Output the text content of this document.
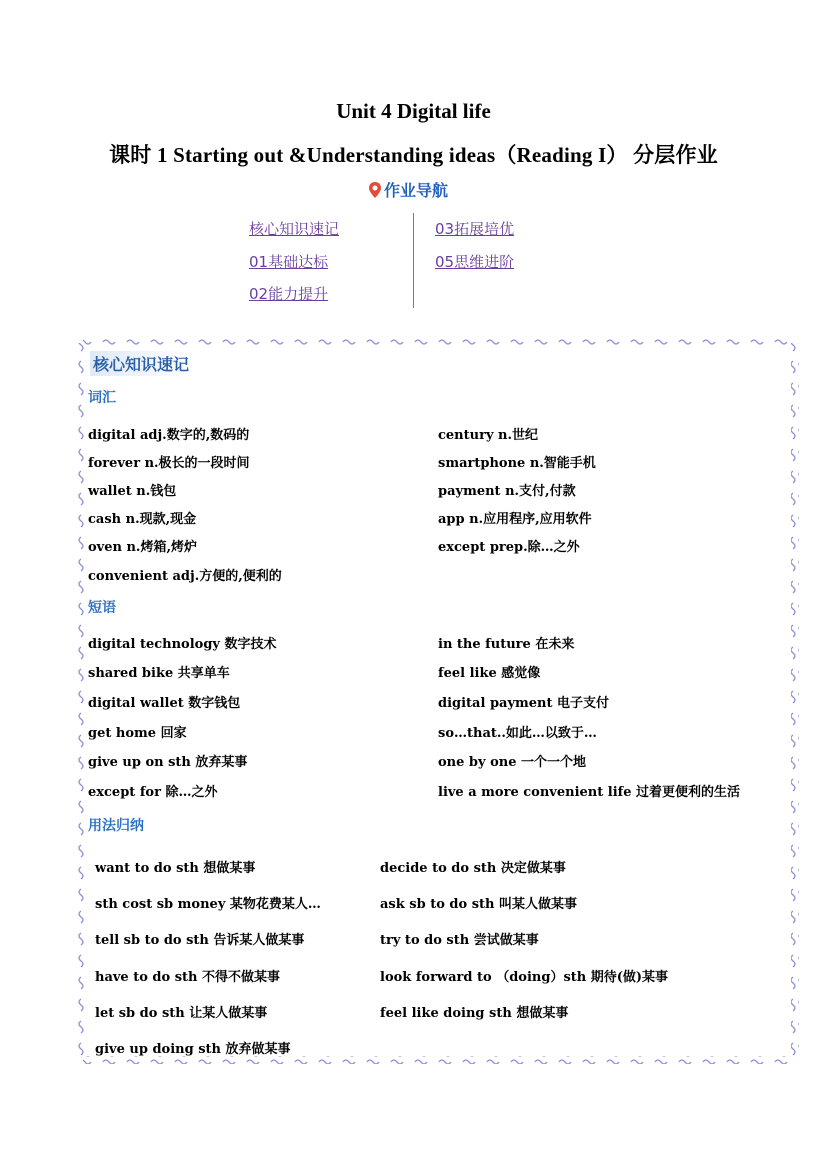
Unit 4 Digital life
课时 1 Starting out &Understanding ideas（Reading I） 分层作业
作业导航
核心知识速记
01基础达标
02能力提升
03拓展培优
05思维进阶
核心知识速记
词汇
digital adj.数字的,数码的
forever n.极长的一段时间
wallet n.钱包
cash n.现款,现金
oven n.烤箱,烤炉
convenient adj.方便的,便利的
century n.世纪
smartphone n.智能手机
payment n.支付,付款
app n.应用程序,应用软件
except prep.除…之外
短语
digital technology 数字技术
shared bike 共享单车
digital wallet 数字钱包
get home 回家
give up on sth 放弃某事
except for 除…之外
in the future 在未来
feel like 感觉像
digital payment 电子支付
so…that..如此…以致于…
one by one 一个一个地
live a more convenient life 过着更便利的生活
用法归纳
want to do sth 想做某事
sth cost sb money 某物花费某人…
tell sb to do sth 告诉某人做某事
have to do sth 不得不做某事
let sb do sth 让某人做某事
give up doing sth 放弃做某事
decide to do sth 决定做某事
ask sb to do sth 叫某人做某事
try to do sth 尝试做某事
look forward to （doing）sth 期待(做)某事
feel like doing sth 想做某事
